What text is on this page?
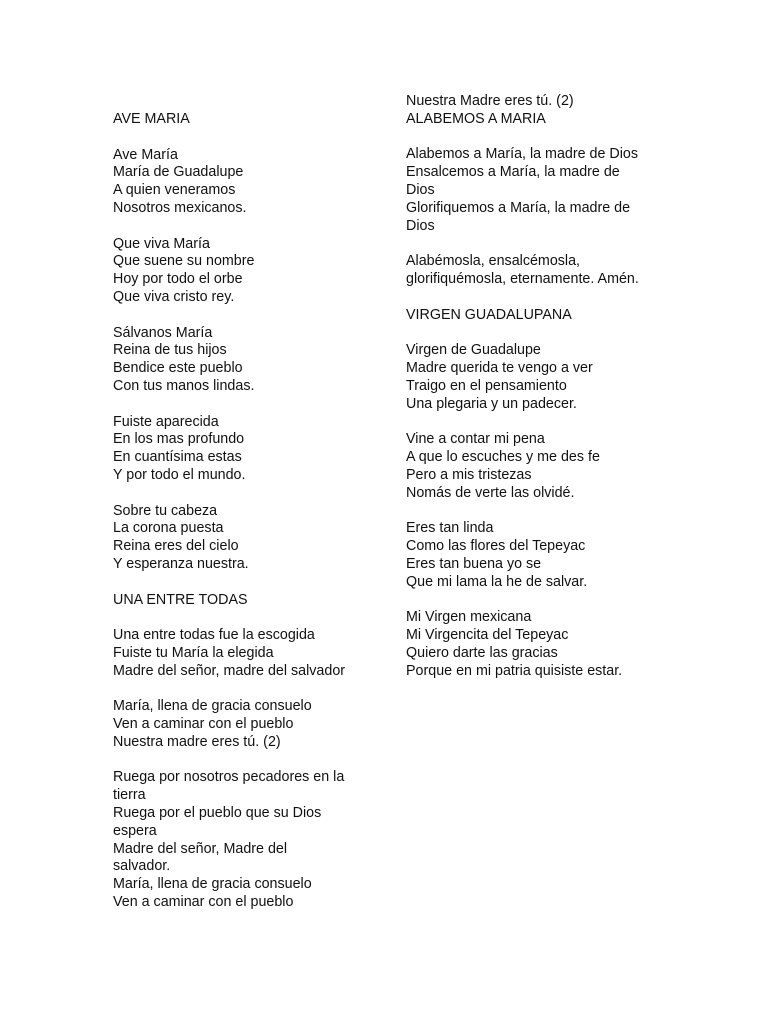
AVE MARIA
Ave María
María de Guadalupe
A quien veneramos
Nosotros mexicanos.
Que viva María
Que suene su nombre
Hoy por todo el orbe
Que viva cristo rey.
Sálvanos María
Reina de tus hijos
Bendice este pueblo
Con tus manos lindas.
Fuiste aparecida
En los mas profundo
En cuantísima estas
Y por todo el mundo.
Sobre tu cabeza
La corona puesta
Reina eres del cielo
Y esperanza nuestra.
UNA ENTRE TODAS
Una entre todas fue la escogida
Fuiste tu María la elegida
Madre del señor, madre del salvador
María, llena de gracia consuelo
Ven a caminar con el pueblo
Nuestra madre eres tú. (2)
Ruega por nosotros pecadores en la
tierra
Ruega por el pueblo que su Dios
espera
Madre del señor, Madre del
salvador.
María, llena de gracia consuelo
Ven a caminar con el pueblo
Nuestra Madre eres tú. (2)
ALABEMOS A MARIA
Alabemos a María, la madre de Dios
Ensalcemos a María, la madre de
Dios
Glorifiquemos a María, la madre de
Dios
Alabémosla, ensalcémosla,
glorifiquémosla, eternamente. Amén.
VIRGEN GUADALUPANA
Virgen de Guadalupe
Madre querida te vengo a ver
Traigo en el pensamiento
Una plegaria y un padecer.
Vine a contar mi pena
A que lo escuches y me des fe
Pero a mis tristezas
Nomás de verte las olvidé.
Eres tan linda
Como las flores del Tepeyac
Eres tan buena yo se
Que mi lama la he de salvar.
Mi Virgen mexicana
Mi Virgencita del Tepeyac
Quiero darte las gracias
Porque en mi patria quisiste estar.
